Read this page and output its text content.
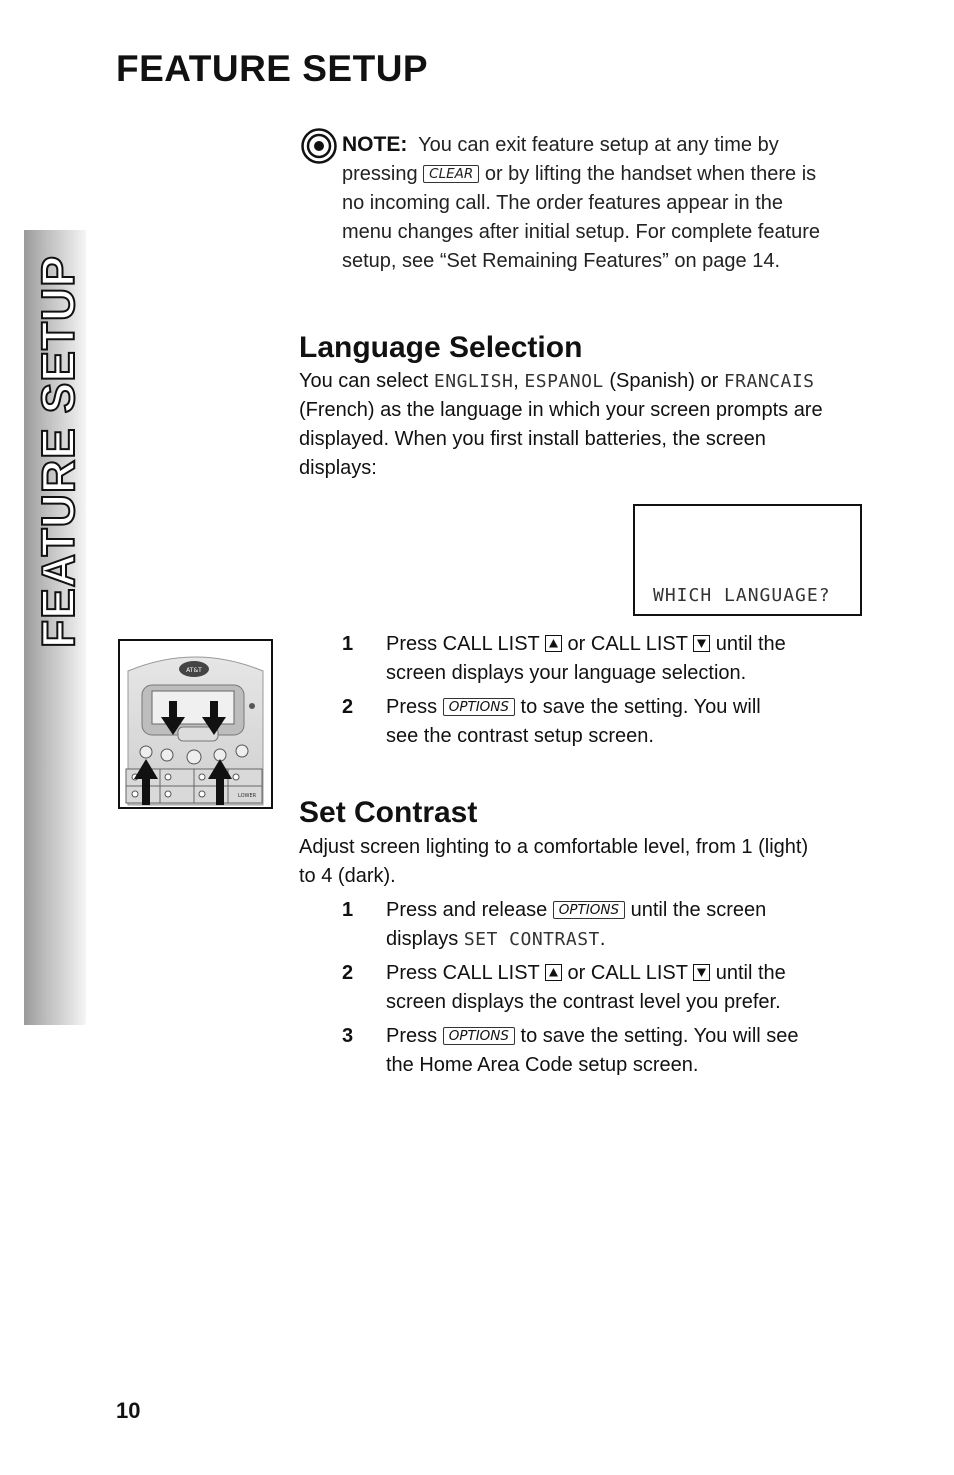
FEATURE SETUP
FEATURE SETUP
NOTE: You can exit feature setup at any time by
pressing CLEAR or by lifting the handset when there is
no incoming call. The order features appear in the
menu changes after initial setup. For complete feature
setup, see “Set Remaining Features” on page 14.
Language Selection
You can select ENGLISH, ESPANOL (Spanish) or FRANCAIS
(French) as the language in which your screen prompts are
displayed. When you first install batteries, the screen
displays:
WHICH LANGUAGE?
AT&T
LOWER
1 Press CALL LIST or CALL LIST until the
screen displays your language selection.
2 Press OPTIONS to save the setting. You will
see the contrast setup screen.
Set Contrast
Adjust screen lighting to a comfortable level, from 1 (light)
to 4 (dark).
1 Press and release OPTIONS until the screen
displays SET CONTRAST.
2 Press CALL LIST or CALL LIST until the
screen displays the contrast level you prefer.
3 Press OPTIONS to save the setting. You will see
the Home Area Code setup screen.
10
